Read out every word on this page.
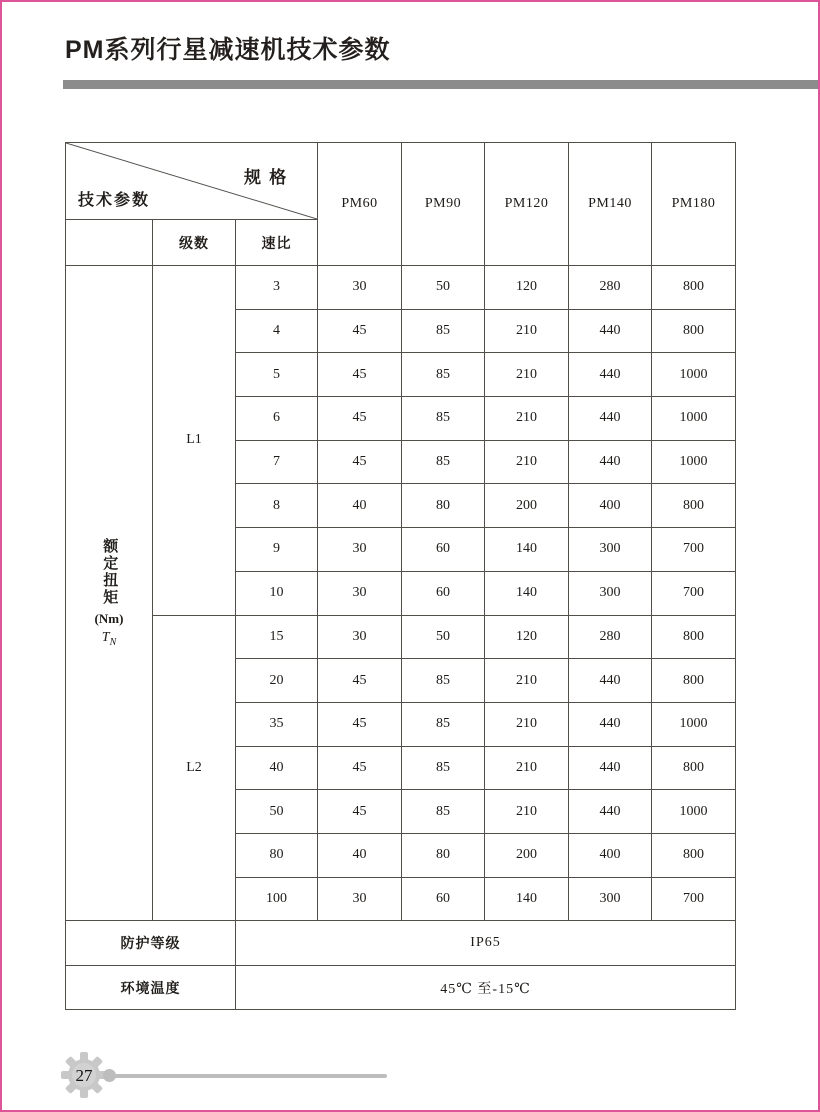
PM系列行星减速机技术参数
规 格
技术参数			PM60	PM90	PM120	PM140	PM180
	级数	速比					

额定扭矩
(Nm)
$T_N$	L1	3	30	50	120	280	800
		4	45	85	210	440	800
		5	45	85	210	440	1000
		6	45	85	210	440	1000
		7	45	85	210	440	1000
		8	40	80	200	400	800
		9	30	60	140	300	700
		10	30	60	140	300	700
	L2	15	30	50	120	280	800
		20	45	85	210	440	800
		35	45	85	210	440	1000
		40	45	85	210	440	800
		50	45	85	210	440	1000
		80	40	80	200	400	800
		100	30	60	140	300	700
防护等级		IP65					
环境温度		45℃ 至-15℃					
27
